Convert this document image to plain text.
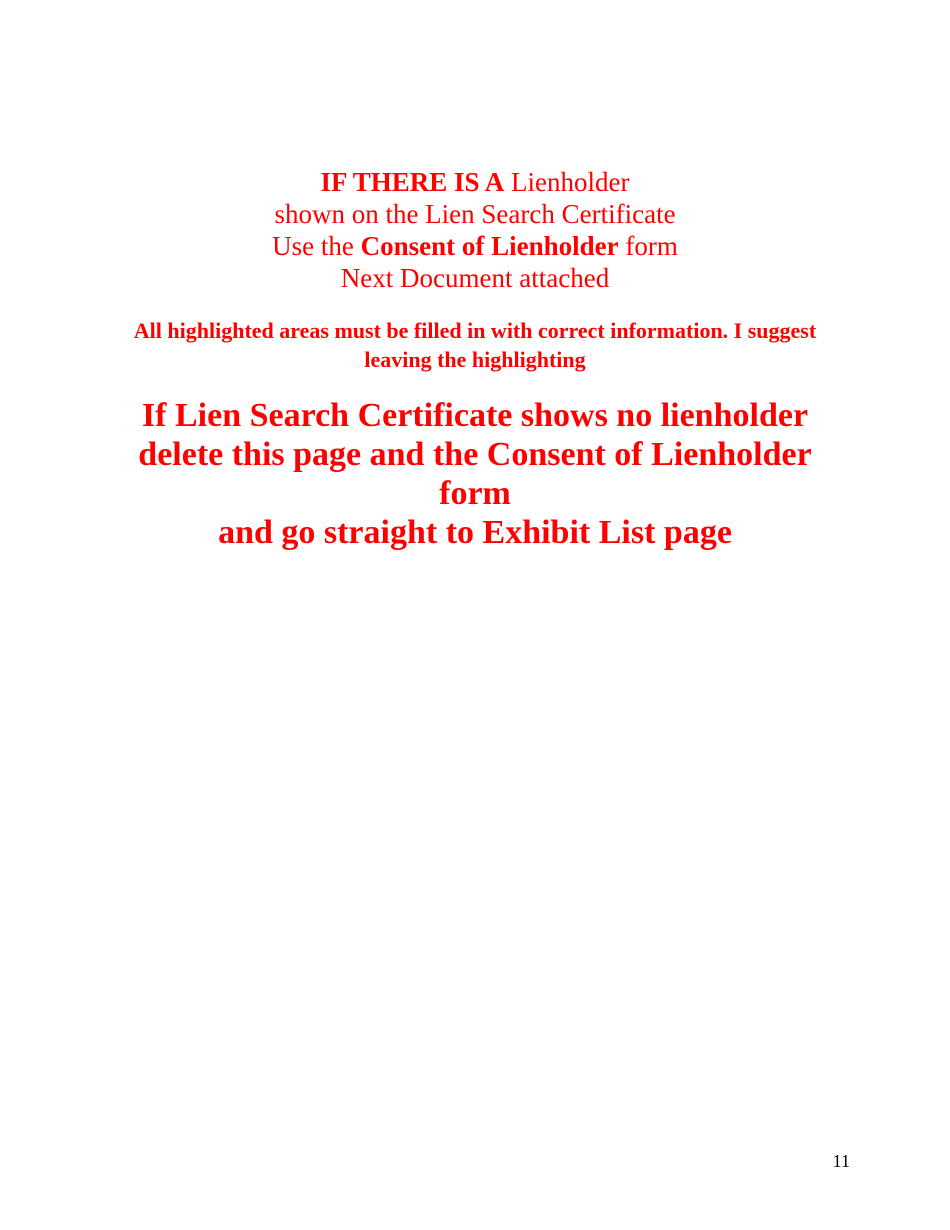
IF THERE IS A Lienholder
shown on the Lien Search Certificate
Use the Consent of Lienholder form
Next Document attached
All highlighted areas must be filled in with correct information. I suggest leaving the highlighting
If Lien Search Certificate shows no lienholder delete this page and the Consent of Lienholder form
and go straight to Exhibit List page
11
